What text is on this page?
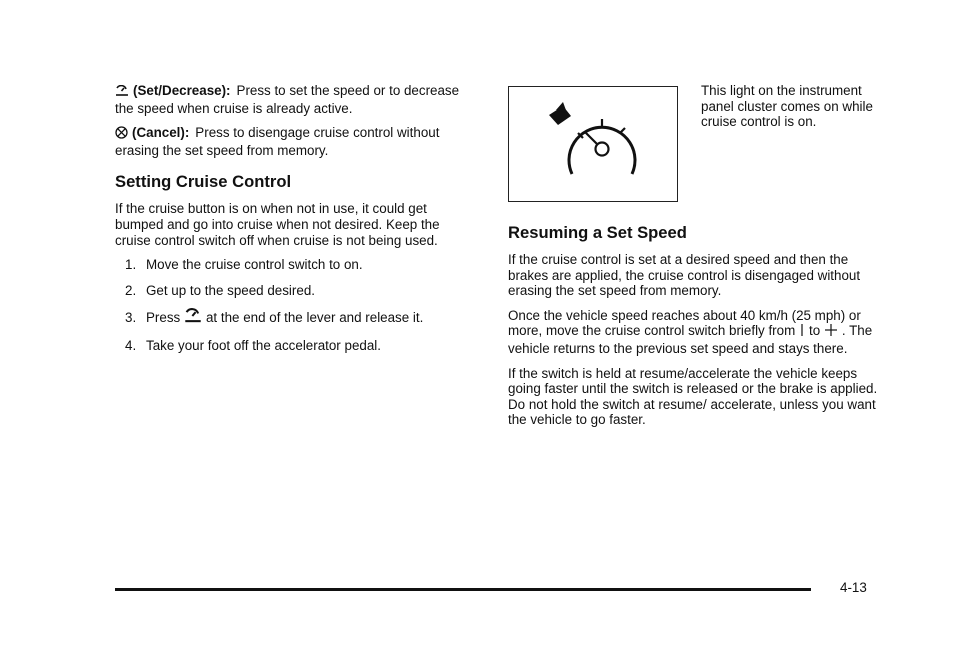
(Set/Decrease): Press to set the speed or to decrease the speed when cruise is already active.

(Cancel): Press to disengage cruise control without erasing the set speed from memory.

Setting Cruise Control

If the cruise button is on when not in use, it could get bumped and go into cruise when not desired. Keep the cruise control switch off when cruise is not being used.

1. Move the cruise control switch to on.
2. Get up to the speed desired.
3. Press at the end of the lever and release it.
4. Take your foot off the accelerator pedal.
This light on the instrument panel cluster comes on while cruise control is on.
Resuming a Set Speed

If the cruise control is set at a desired speed and then the brakes are applied, the cruise control is disengaged without erasing the set speed from memory.

Once the vehicle speed reaches about 40 km/h (25 mph) or more, move the cruise control switch briefly from to . The vehicle returns to the previous set speed and stays there.

If the switch is held at resume/accelerate the vehicle keeps going faster until the switch is released or the brake is applied. Do not hold the switch at resume/ accelerate, unless you want the vehicle to go faster.

4-13
